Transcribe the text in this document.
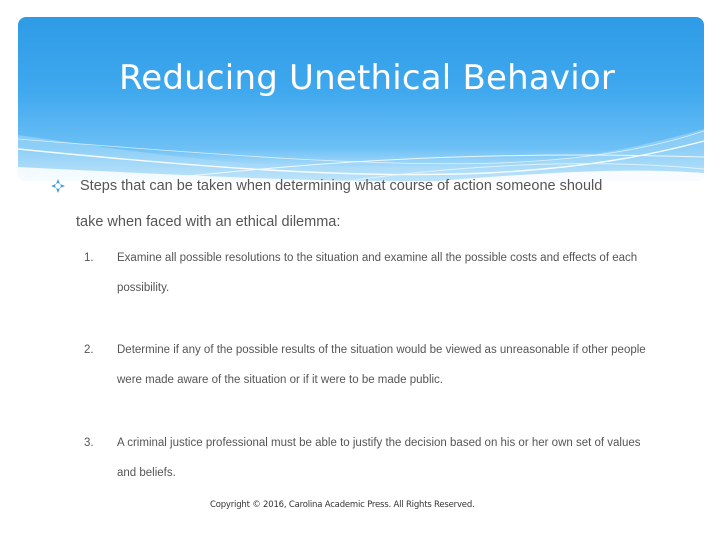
Reducing Unethical Behavior
Steps that can be taken when determining what course of action someone should
take when faced with an ethical dilemma:
1.	Examine all possible resolutions to the situation and examine all the possible costs and effects of each
possibility.
2.	Determine if any of the possible results of the situation would be viewed as unreasonable if other people
were made aware of the situation or if it were to be made public.
3.	A criminal justice professional must be able to justify the decision based on his or her own set of values
and beliefs.
Copyright © 2016, Carolina Academic Press. All Rights Reserved.
